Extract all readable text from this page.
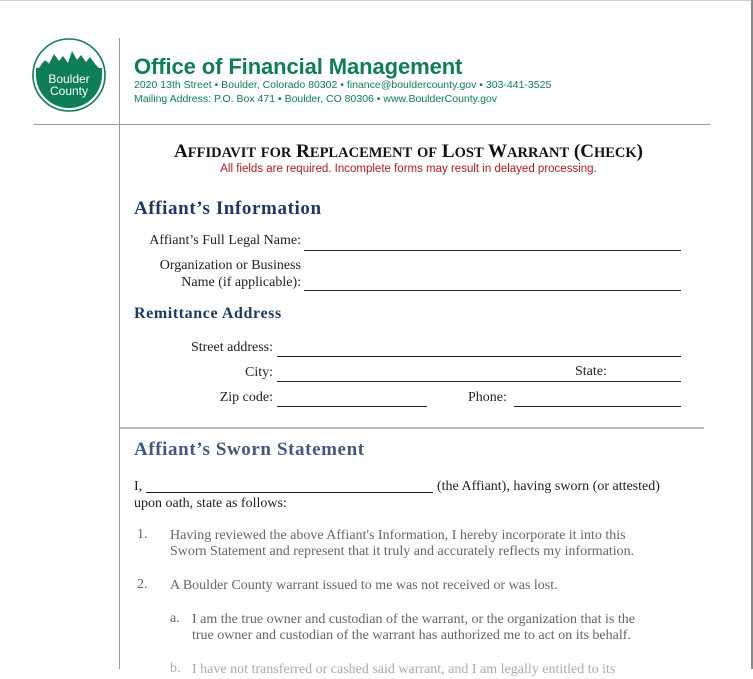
Boulder
County
Office of Financial Management
2020 13th Street • Boulder, Colorado 80302 • finance@bouldercounty.gov • 303-441-3525
Mailing Address: P.O. Box 471 • Boulder, CO 80306 • www.BoulderCounty.gov
AFFIDAVIT FOR REPLACEMENT OF LOST WARRANT (CHECK)
All fields are required. Incomplete forms may result in delayed processing.
Affiant’s Information
Affiant’s Full Legal Name:
Organization or Business
Name (if applicable):
Remittance Address
Street address:
City:	State:
Zip code:	Phone:
Affiant’s Sworn Statement
I,	(the Affiant), having sworn (or attested)
upon oath, state as follows:
1. Having reviewed the above Affiant's Information, I hereby incorporate it into this
Sworn Statement and represent that it truly and accurately reflects my information.
2. A Boulder County warrant issued to me was not received or was lost.
a. I am the true owner and custodian of the warrant, or the organization that is the
true owner and custodian of the warrant has authorized me to act on its behalf.
b. I have not transferred or cashed said warrant, and I am legally entitled to its
